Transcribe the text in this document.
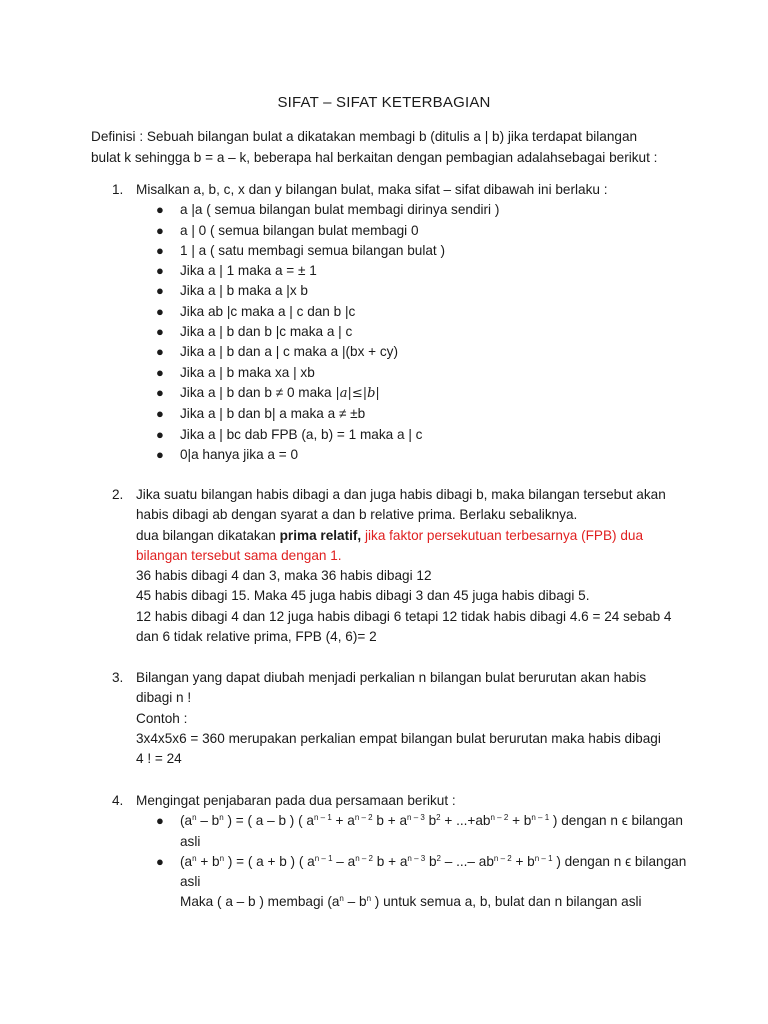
SIFAT – SIFAT KETERBAGIAN
Definisi : Sebuah bilangan bulat a dikatakan membagi b (ditulis a | b) jika terdapat bilangan
bulat k sehingga b = a – k, beberapa hal berkaitan dengan pembagian adalahsebagai berikut :
1. Misalkan a, b, c, x dan y bilangan bulat, maka sifat – sifat dibawah ini berlaku :
● a |a ( semua bilangan bulat membagi dirinya sendiri )
● a | 0 ( semua bilangan bulat membagi 0
● 1 | a ( satu membagi semua bilangan bulat )
● Jika a | 1 maka a = ± 1
● Jika a | b maka a |x b
● Jika ab |c maka a | c dan b |c
● Jika a | b dan b |c maka a | c
● Jika a | b dan a | c maka a |(bx + cy)
● Jika a | b maka xa | xb
● Jika a | b dan b ≠ 0 maka |a|≤|b|
● Jika a | b dan b| a maka a ≠ ±b
● Jika a | bc dab FPB (a, b) = 1 maka a | c
● 0|a hanya jika a = 0
2. Jika suatu bilangan habis dibagi a dan juga habis dibagi b, maka bilangan tersebut akan
habis dibagi ab dengan syarat a dan b relative prima. Berlaku sebaliknya.
dua bilangan dikatakan prima relatif, jika faktor persekutuan terbesarnya (FPB) dua
bilangan tersebut sama dengan 1.
36 habis dibagi 4 dan 3, maka 36 habis dibagi 12
45 habis dibagi 15. Maka 45 juga habis dibagi 3 dan 45 juga habis dibagi 5.
12 habis dibagi 4 dan 12 juga habis dibagi 6 tetapi 12 tidak habis dibagi 4.6 = 24 sebab 4
dan 6 tidak relative prima, FPB (4, 6)= 2
3. Bilangan yang dapat diubah menjadi perkalian n bilangan bulat berurutan akan habis
dibagi n !
Contoh :
3x4x5x6 = 360 merupakan perkalian empat bilangan bulat berurutan maka habis dibagi
4 ! = 24
4. Mengingat penjabaran pada dua persamaan berikut :
● ($a^n - b^n$ ) = ( a – b ) ( $a^{n - 1} + a^{n - 2}$ $b + a^{n - 3}$ $b^2 + ...+ab^{n - 2} + b^{n - 1}$ ) dengan n ϵ bilangan
asli
● ($a^n + b^n$ ) = ( a + b ) ( $a^{n - 1} - a^{n - 2}$ $b + a^{n - 3}$ $b^2$ – ...– $ab^{n - 2} + b^{n - 1}$ ) dengan n ϵ bilangan
asli
Maka ( a – b ) membagi ($a^n - b^n$ ) untuk semua a, b, bulat dan n bilangan asli
